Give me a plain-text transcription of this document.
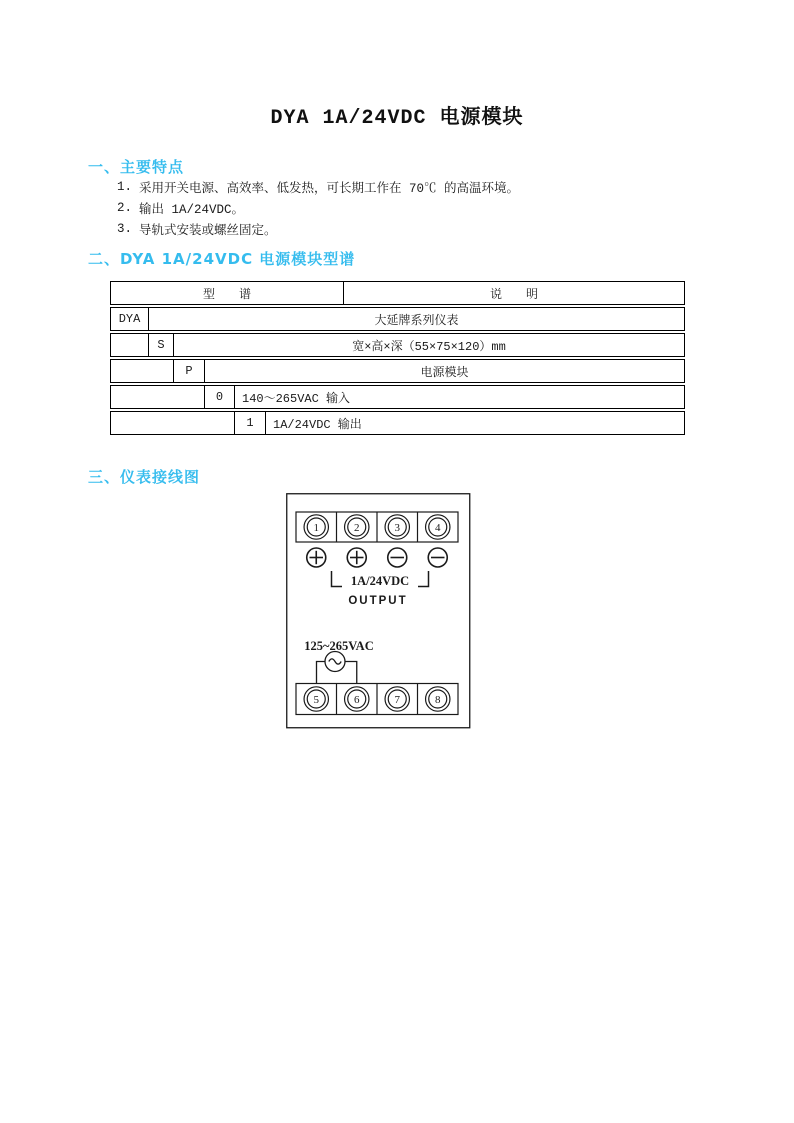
DYA 1A/24VDC 电源模块
一、主要特点
1. 采用开关电源、高效率、低发热，可长期工作在 70℃ 的高温环境。
2. 输出 1A/24VDC。
3. 导轨式安装或螺丝固定。
二、DYA 1A/24VDC 电源模块型谱
型　　谱	说　　明
DYA	大延牌系列仪表
S	宽×高×深（55×75×120）mm
P	电源模块
0	140～265VAC 输入
1	1A/24VDC 输出
三、仪表接线图
1	2	3	4
1A/24VDC
OUTPUT
125~265VAC
5	6	7	8
